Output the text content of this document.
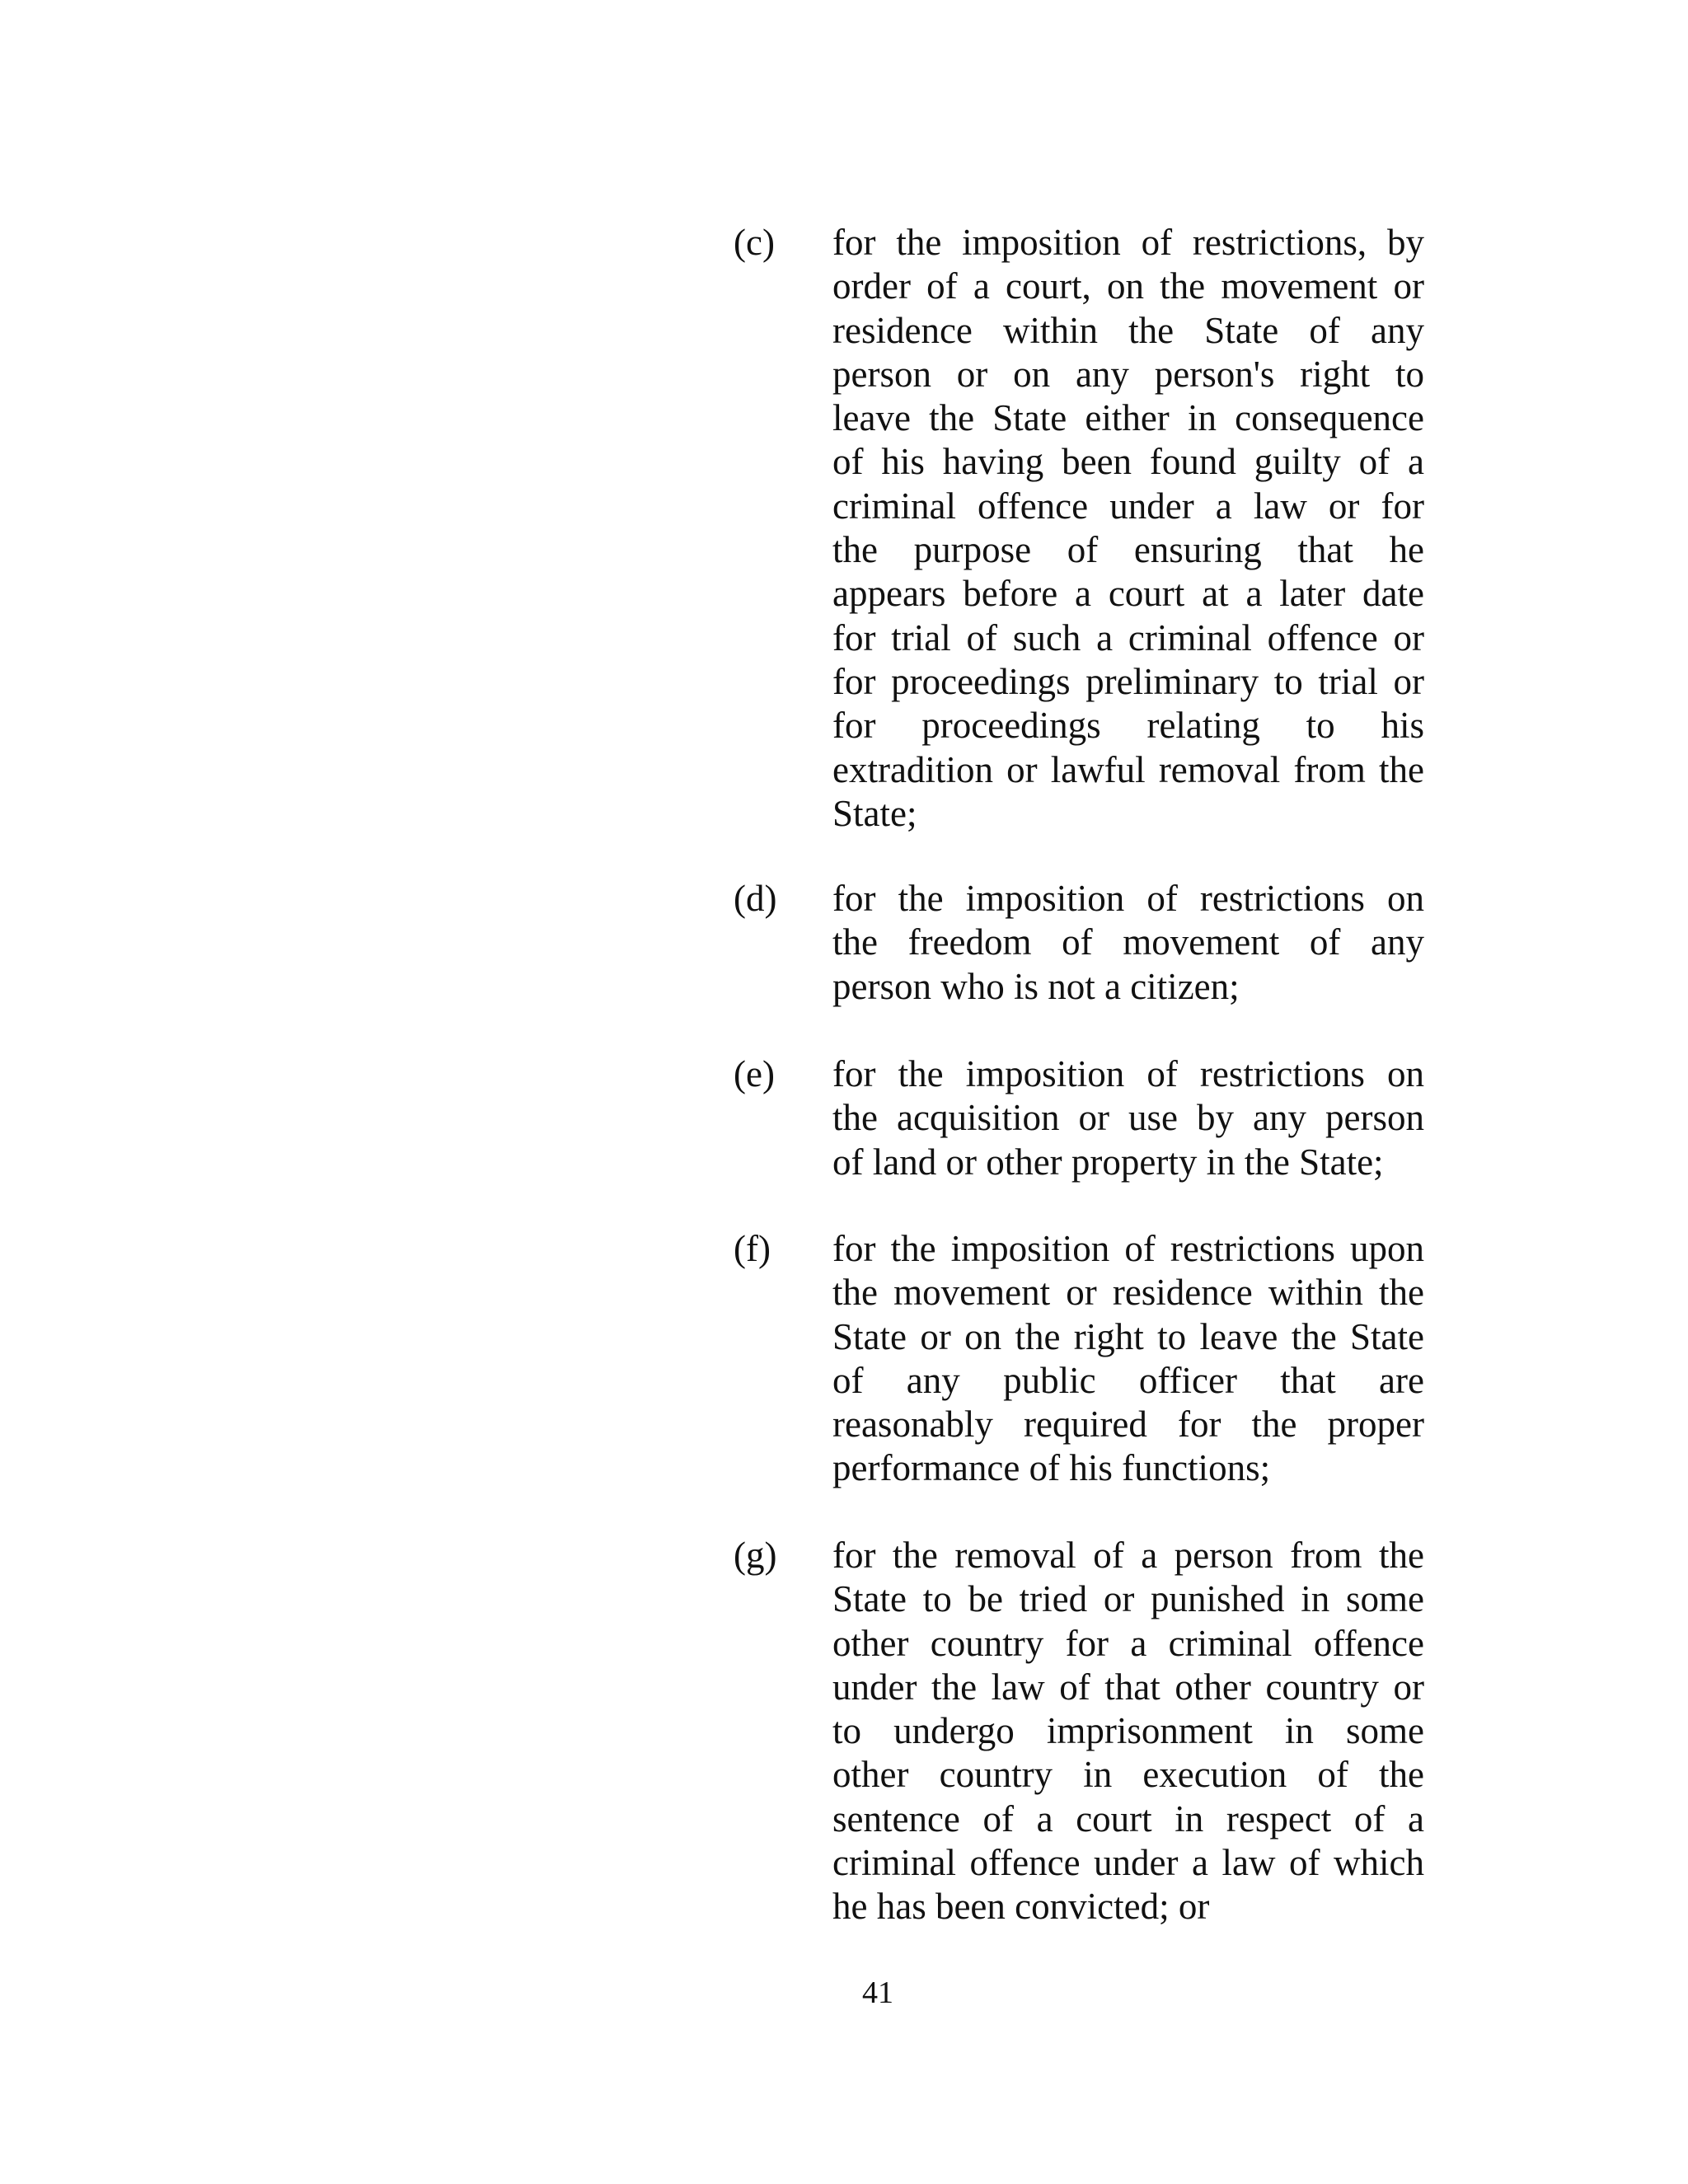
(c) for the imposition of restrictions, by
order of a court, on the movement or
residence within the State of any
person or on any person's right to
leave the State either in consequence
of his having been found guilty of a
criminal offence under a law or for
the purpose of ensuring that he
appears before a court at a later date
for trial of such a criminal offence or
for proceedings preliminary to trial or
for proceedings relating to his
extradition or lawful removal from the
State;
(d) for the imposition of restrictions on
the freedom of movement of any
person who is not a citizen;
(e) for the imposition of restrictions on
the acquisition or use by any person
of land or other property in the State;
(f) for the imposition of restrictions upon
the movement or residence within the
State or on the right to leave the State
of any public officer that are
reasonably required for the proper
performance of his functions;
(g) for the removal of a person from the
State to be tried or punished in some
other country for a criminal offence
under the law of that other country or
to undergo imprisonment in some
other country in execution of the
sentence of a court in respect of a
criminal offence under a law of which
he has been convicted; or
41
